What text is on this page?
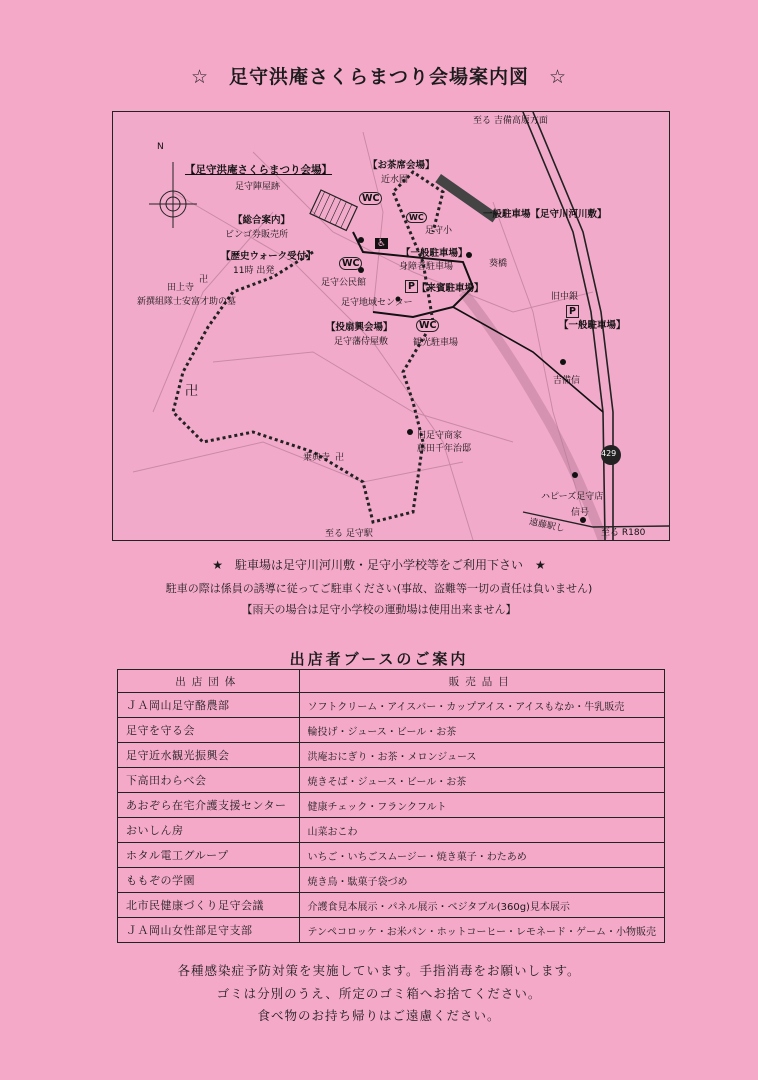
☆　足守洪庵さくらまつり会場案内図　☆
至る 吉備高原方面
N
【足守洪庵さくらまつり会場】
足守陣屋跡
【お茶席会場】
近水園
【総合案内】
ビンゴ券販売所
【歴史ウォーク受付】
11時 出発
田上寺
新撰組隊士安富才助の墓
足守公民館
足守地域センター
【投扇興会場】
足守藩侍屋敷	観光駐車場
【一般駐車場】
身障者駐車場
【来賓駐車場】
足守小
一般駐車場【足守川河川敷】
葵橋
旧中銀
【一般駐車場】
吉備信
旧足守商家
藤田千年治邸
乗典寺
ハピーズ足守店
信号
遠藤駅し	至る R180
至る 足守駅
429
WC
WC
WC
WC
P
P
♿
卍
卍
卍
★　駐車場は足守川河川敷・足守小学校等をご利用下さい　★
駐車の際は係員の誘導に従ってご駐車ください(事故、盗難等一切の責任は負いません)
【雨天の場合は足守小学校の運動場は使用出来ません】
出店者ブースのご案内
出店団体	販売品目
ＪＡ岡山足守酪農部	ソフトクリーム・アイスバー・カップアイス・アイスもなか・牛乳販売
足守を守る会	輪投げ・ジュース・ビール・お茶
足守近水観光振興会	洪庵おにぎり・お茶・メロンジュース
下高田わらべ会	焼きそば・ジュース・ビール・お茶
あおぞら在宅介護支援センター	健康チェック・フランクフルト
おいしん房	山菜おこわ
ホタル電工グループ	いちご・いちごスムージー・焼き菓子・わたあめ
ももぞの学園	焼き鳥・駄菓子袋づめ
北市民健康づくり足守会議	介護食見本展示・パネル展示・ベジタブル(360g)見本展示
ＪＡ岡山女性部足守支部	テンペコロッケ・お米パン・ホットコーヒー・レモネード・ゲーム・小物販売
各種感染症予防対策を実施しています。手指消毒をお願いします。
ゴミは分別のうえ、所定のゴミ箱へお捨てください。
食べ物のお持ち帰りはご遠慮ください。
